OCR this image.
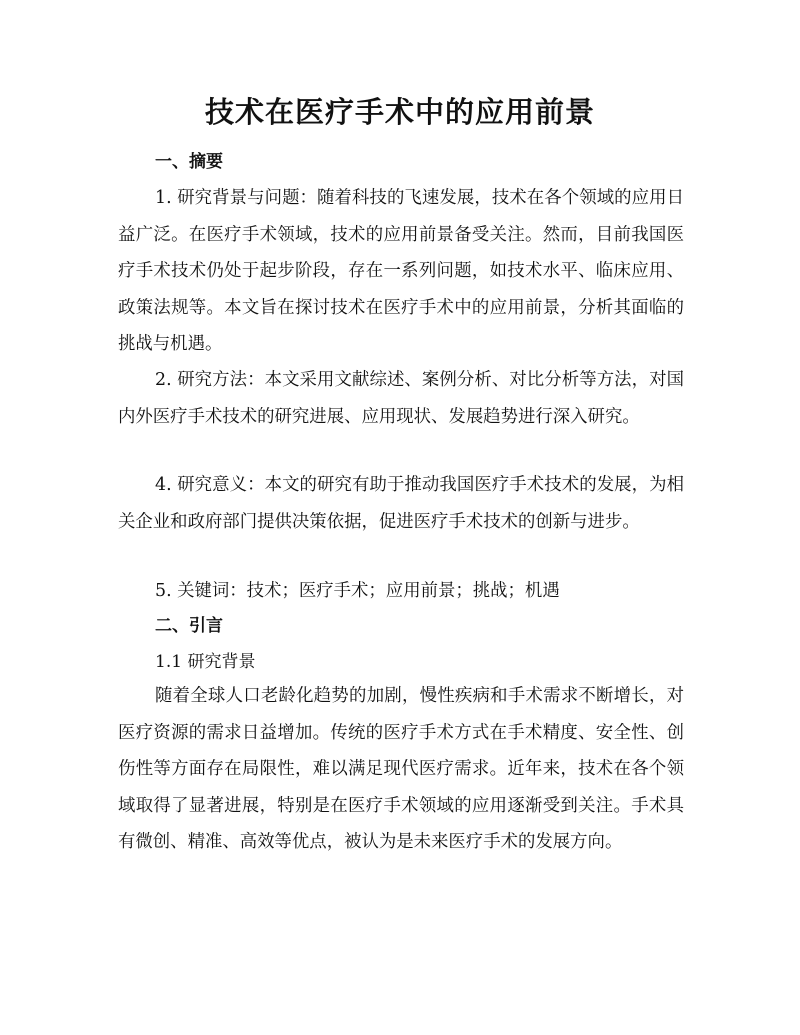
技术在医疗手术中的应用前景
一、摘要

1. 研究背景与问题：随着科技的飞速发展，技术在各个领域的应用日益广泛。在医疗手术领域，技术的应用前景备受关注。然而，目前我国医疗手术技术仍处于起步阶段，存在一系列问题，如技术水平、临床应用、政策法规等。本文旨在探讨技术在医疗手术中的应用前景，分析其面临的挑战与机遇。

2. 研究方法：本文采用文献综述、案例分析、对比分析等方法，对国内外医疗手术技术的研究进展、应用现状、发展趋势进行深入研究。

4. 研究意义：本文的研究有助于推动我国医疗手术技术的发展，为相关企业和政府部门提供决策依据，促进医疗手术技术的创新与进步。

5. 关键词：技术；医疗手术；应用前景；挑战；机遇

二、引言

1.1 研究背景

随着全球人口老龄化趋势的加剧，慢性疾病和手术需求不断增长，对医疗资源的需求日益增加。传统的医疗手术方式在手术精度、安全性、创伤性等方面存在局限性，难以满足现代医疗需求。近年来，技术在各个领域取得了显著进展，特别是在医疗手术领域的应用逐渐受到关注。手术具有微创、精准、高效等优点，被认为是未来医疗手术的发展方向。
